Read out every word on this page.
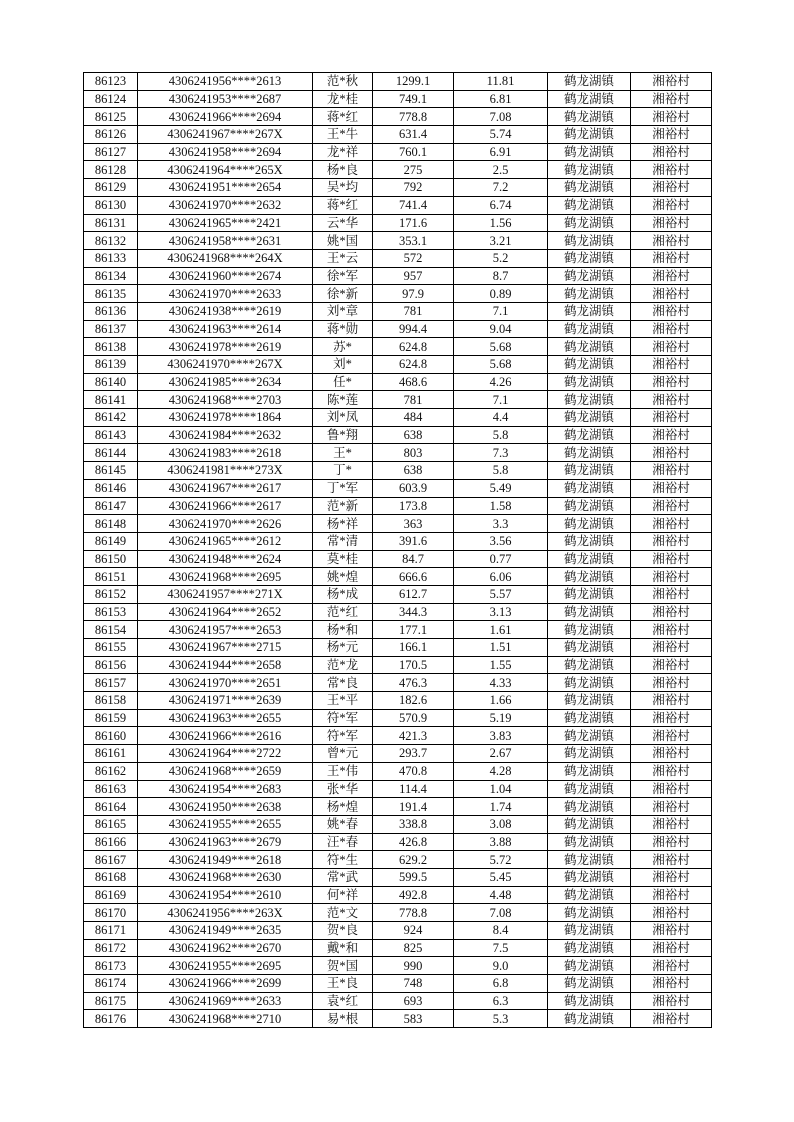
86123	4306241956****2613	范*秋	1299.1	11.81	鹤龙湖镇	湘裕村
86124	4306241953****2687	龙*桂	749.1	6.81	鹤龙湖镇	湘裕村
86125	4306241966****2694	蒋*红	778.8	7.08	鹤龙湖镇	湘裕村
86126	4306241967****267X	王*牛	631.4	5.74	鹤龙湖镇	湘裕村
86127	4306241958****2694	龙*祥	760.1	6.91	鹤龙湖镇	湘裕村
86128	4306241964****265X	杨*良	275	2.5	鹤龙湖镇	湘裕村
86129	4306241951****2654	吴*均	792	7.2	鹤龙湖镇	湘裕村
86130	4306241970****2632	蒋*红	741.4	6.74	鹤龙湖镇	湘裕村
86131	4306241965****2421	云*华	171.6	1.56	鹤龙湖镇	湘裕村
86132	4306241958****2631	姚*国	353.1	3.21	鹤龙湖镇	湘裕村
86133	4306241968****264X	王*云	572	5.2	鹤龙湖镇	湘裕村
86134	4306241960****2674	徐*军	957	8.7	鹤龙湖镇	湘裕村
86135	4306241970****2633	徐*新	97.9	0.89	鹤龙湖镇	湘裕村
86136	4306241938****2619	刘*章	781	7.1	鹤龙湖镇	湘裕村
86137	4306241963****2614	蒋*勋	994.4	9.04	鹤龙湖镇	湘裕村
86138	4306241978****2619	苏*	624.8	5.68	鹤龙湖镇	湘裕村
86139	4306241970****267X	刘*	624.8	5.68	鹤龙湖镇	湘裕村
86140	4306241985****2634	任*	468.6	4.26	鹤龙湖镇	湘裕村
86141	4306241968****2703	陈*莲	781	7.1	鹤龙湖镇	湘裕村
86142	4306241978****1864	刘*凤	484	4.4	鹤龙湖镇	湘裕村
86143	4306241984****2632	鲁*翔	638	5.8	鹤龙湖镇	湘裕村
86144	4306241983****2618	王*	803	7.3	鹤龙湖镇	湘裕村
86145	4306241981****273X	丁*	638	5.8	鹤龙湖镇	湘裕村
86146	4306241967****2617	丁*军	603.9	5.49	鹤龙湖镇	湘裕村
86147	4306241966****2617	范*新	173.8	1.58	鹤龙湖镇	湘裕村
86148	4306241970****2626	杨*祥	363	3.3	鹤龙湖镇	湘裕村
86149	4306241965****2612	常*清	391.6	3.56	鹤龙湖镇	湘裕村
86150	4306241948****2624	莫*桂	84.7	0.77	鹤龙湖镇	湘裕村
86151	4306241968****2695	姚*煌	666.6	6.06	鹤龙湖镇	湘裕村
86152	4306241957****271X	杨*成	612.7	5.57	鹤龙湖镇	湘裕村
86153	4306241964****2652	范*红	344.3	3.13	鹤龙湖镇	湘裕村
86154	4306241957****2653	杨*和	177.1	1.61	鹤龙湖镇	湘裕村
86155	4306241967****2715	杨*元	166.1	1.51	鹤龙湖镇	湘裕村
86156	4306241944****2658	范*龙	170.5	1.55	鹤龙湖镇	湘裕村
86157	4306241970****2651	常*良	476.3	4.33	鹤龙湖镇	湘裕村
86158	4306241971****2639	王*平	182.6	1.66	鹤龙湖镇	湘裕村
86159	4306241963****2655	符*军	570.9	5.19	鹤龙湖镇	湘裕村
86160	4306241966****2616	符*军	421.3	3.83	鹤龙湖镇	湘裕村
86161	4306241964****2722	曾*元	293.7	2.67	鹤龙湖镇	湘裕村
86162	4306241968****2659	王*伟	470.8	4.28	鹤龙湖镇	湘裕村
86163	4306241954****2683	张*华	114.4	1.04	鹤龙湖镇	湘裕村
86164	4306241950****2638	杨*煌	191.4	1.74	鹤龙湖镇	湘裕村
86165	4306241955****2655	姚*春	338.8	3.08	鹤龙湖镇	湘裕村
86166	4306241963****2679	汪*春	426.8	3.88	鹤龙湖镇	湘裕村
86167	4306241949****2618	符*生	629.2	5.72	鹤龙湖镇	湘裕村
86168	4306241968****2630	常*武	599.5	5.45	鹤龙湖镇	湘裕村
86169	4306241954****2610	何*祥	492.8	4.48	鹤龙湖镇	湘裕村
86170	4306241956****263X	范*文	778.8	7.08	鹤龙湖镇	湘裕村
86171	4306241949****2635	贺*良	924	8.4	鹤龙湖镇	湘裕村
86172	4306241962****2670	戴*和	825	7.5	鹤龙湖镇	湘裕村
86173	4306241955****2695	贺*国	990	9.0	鹤龙湖镇	湘裕村
86174	4306241966****2699	王*良	748	6.8	鹤龙湖镇	湘裕村
86175	4306241969****2633	袁*红	693	6.3	鹤龙湖镇	湘裕村
86176	4306241968****2710	易*根	583	5.3	鹤龙湖镇	湘裕村
